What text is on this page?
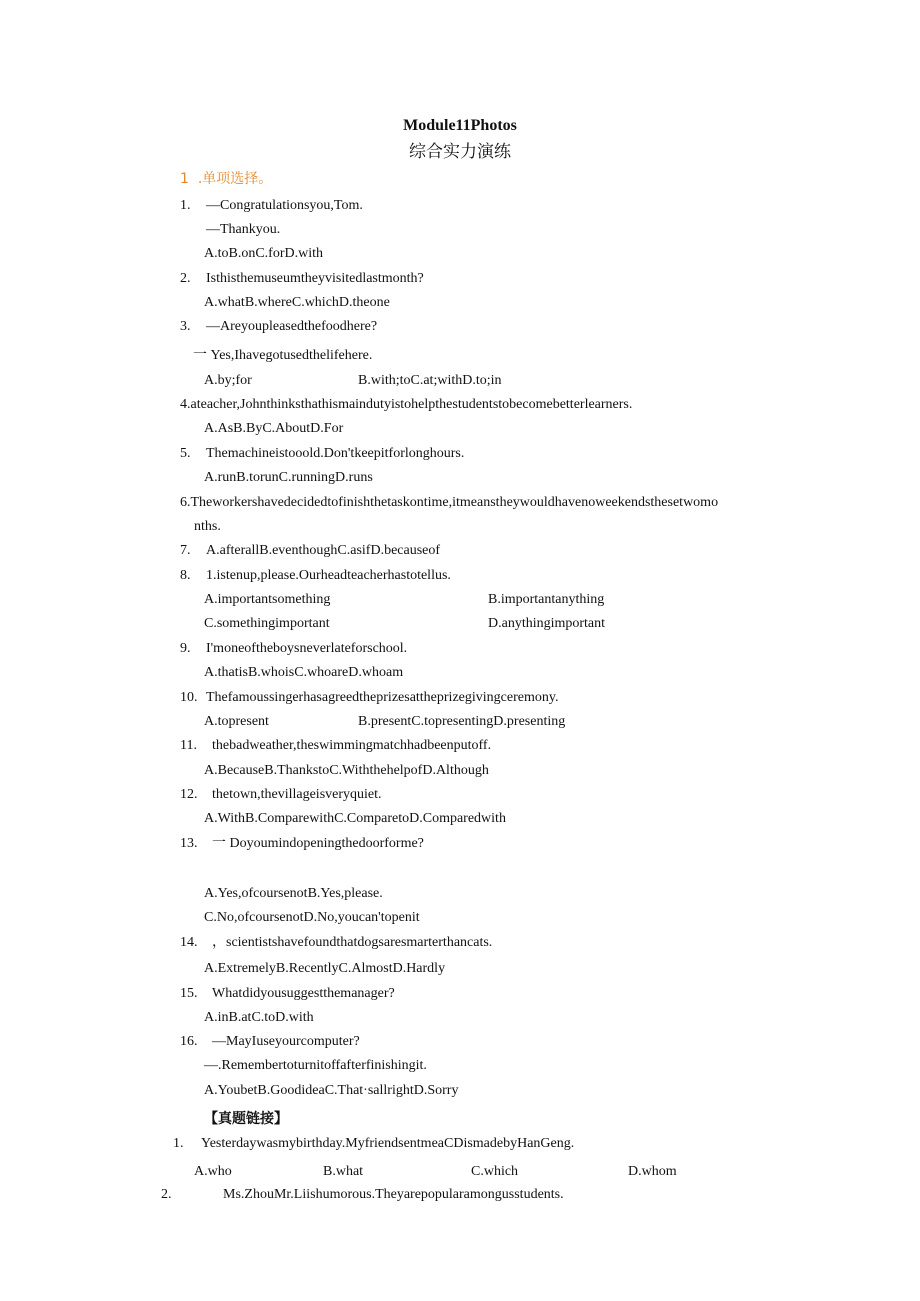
Module11Photos
综合实力演练
1 .单项选择。
1. —Congratulationsyou,Tom.
—Thankyou.
A.toB.onC.forD.with
2. Isthisthemuseumtheyvisitedlastmonth?
A.whatB.whereC.whichD.theone
3. —Areyoupleasedthefoodhere?
一 Yes,Ihavegotusedthelifehere.
A.by;for	B.with;toC.at;withD.to;in
4.ateacher,Johnthinksthathismaindutyistohelpthestudentstobecomebetterlearners.
A.AsB.ByC.AboutD.For
5. Themachineistooold.Don'tkeepitforlonghours.
A.runB.torunC.runningD.runs
6.Theworkershavedecidedtofinishthetaskontime,itmeanstheywouldhavenoweekendsthesetwomo
nths.
7. A.afterallB.eventhoughC.asifD.becauseof
8. 1.istenup,please.Ourheadteacherhastotellus.
A.importantsomething	B.importantanything
C.somethingimportant	D.anythingimportant
9. I'moneoftheboysneverlateforschool.
A.thatisB.whoisC.whoareD.whoam
10. Thefamoussingerhasagreedtheprizesattheprizegivingceremony.
A.topresent	B.presentC.topresentingD.presenting
11. thebadweather,theswimmingmatchhadbeenputoff.
A.BecauseB.ThankstoC.WiththehelpofD.Although
12. thetown,thevillageisveryquiet.
A.WithB.ComparewithC.ComparetoD.Comparedwith
13. 一 Doyoumindopeningthedoorforme?
A.Yes,ofcoursenotB.Yes,please.
C.No,ofcoursenotD.No,youcan'topenit
14. ，scientistshavefoundthatdogsaresmarterthancats.
A.ExtremelyB.RecentlyC.AlmostD.Hardly
15. Whatdidyousuggestthemanager?
A.inB.atC.toD.with
16. —MayIuseyourcomputer?
—.Remembertoturnitoffafterfinishingit.
A.YoubetB.GoodideaC.That·sallrightD.Sorry
【真题链接】
1. Yesterdaywasmybirthday.MyfriendsentmeaCDismadebyHanGeng.
A.who	B.what	C.which	D.whom
2.	Ms.ZhouMr.Liishumorous.Theyarepopularamongusstudents.
